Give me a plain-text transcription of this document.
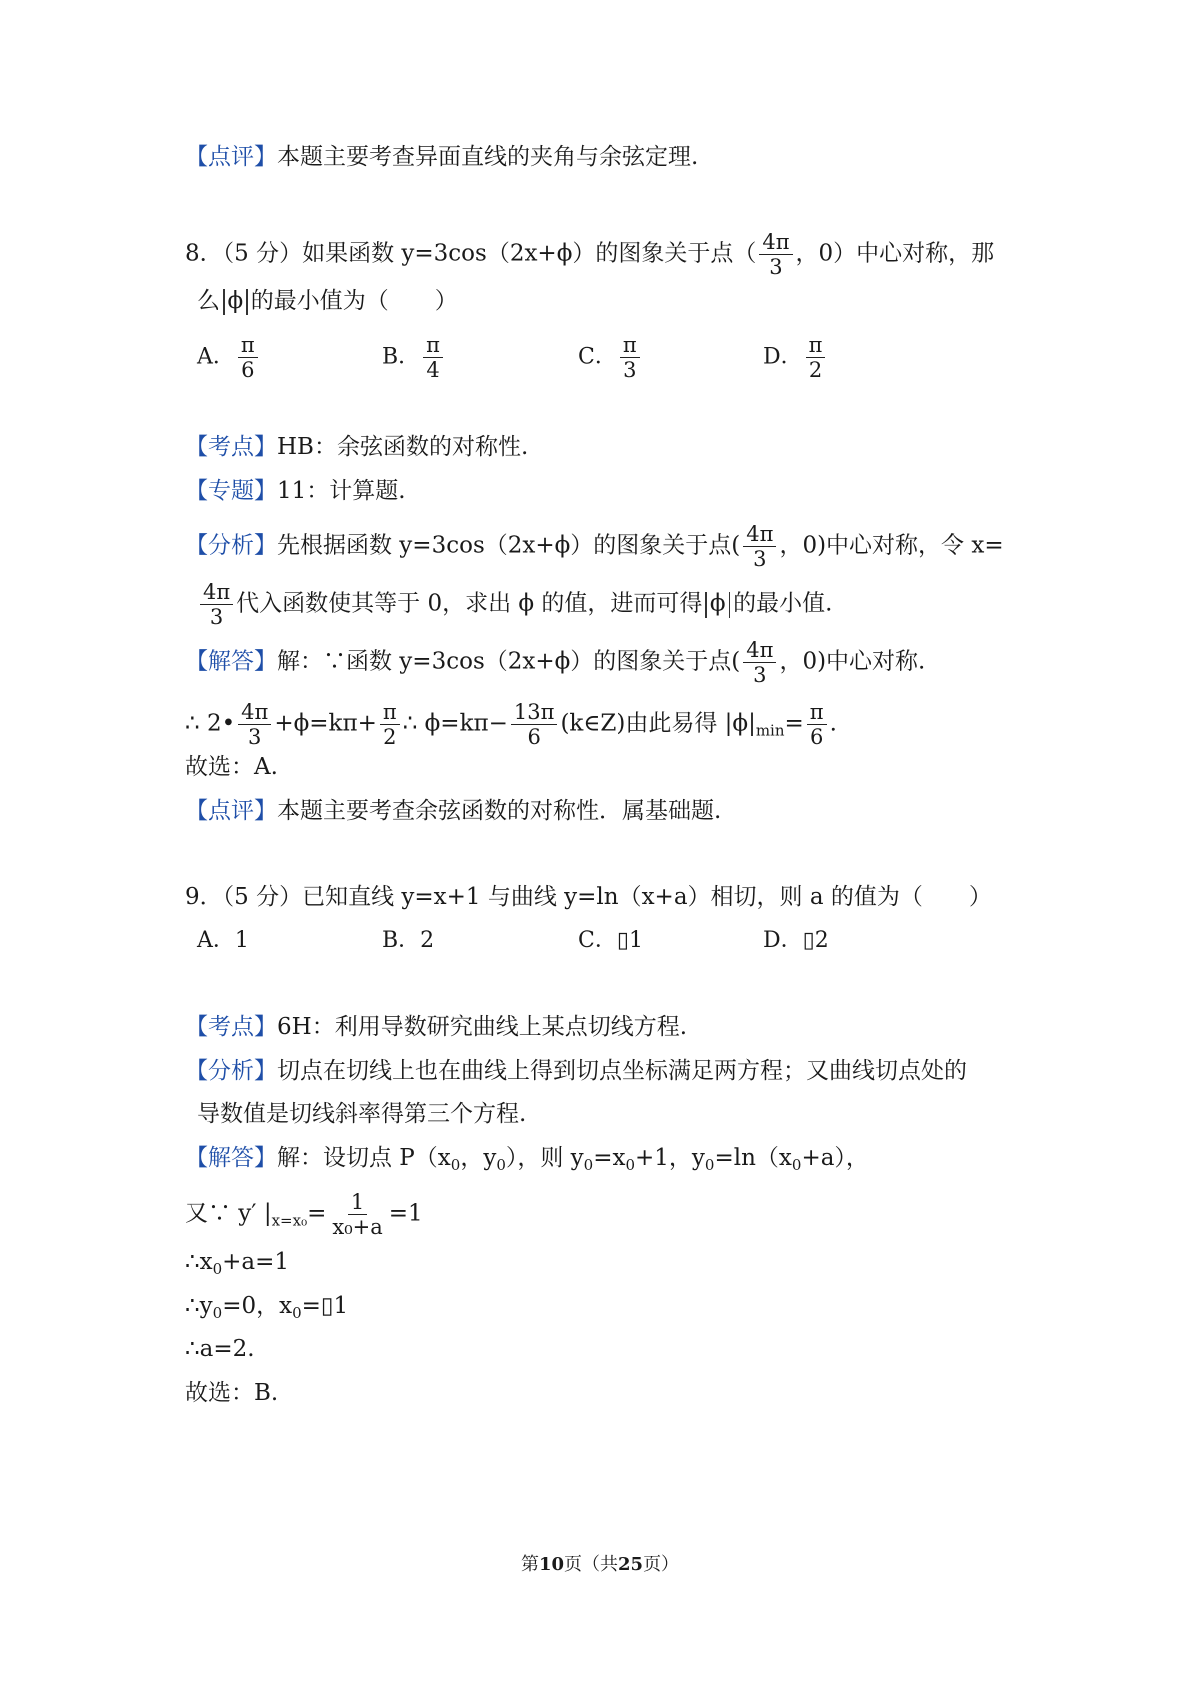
【点评】本题主要考查异面直线的夹角与余弦定理.
8．（5 分）如果函数 y=3cos（2x+ϕ）的图象关于点（ $\frac{4\pi}{3}$ ，0）中心对称，那
么 ϕ 的最小值为（　　）
A． $\frac{\pi}{6}$	B． $\frac{\pi}{4}$	C． $\frac{\pi}{3}$	D． $\frac{\pi}{2}$
【考点】HB：余弦函数的对称性.
【专题】11：计算题.
【分析】先根据函数 y=3cos（2x+ϕ）的图象关于点( $\frac{4\pi}{3}$ ，0)中心对称，令 x=
$\frac{4\pi}{3}$ 代入函数使其等于 0，求出 ϕ 的值，进而可得 ϕ 的最小值.
【解答】解：∵函数 y=3cos（2x+ϕ）的图象关于点( $\frac{4\pi}{3}$ ，0)中心对称.
∴ 2• $\frac{4\pi}{3} +\phi=k\pi+ \frac{\pi}{2}$ ∴ $\phi=k\pi- \frac{13\pi}{6}$ (k∈Z)由此易得 $|\phi|_{min}= \frac{\pi}{6}$ .
故选：A.
【点评】本题主要考查余弦函数的对称性．属基础题.
9．（5 分）已知直线 y=x+1 与曲线 y=ln（x+a）相切，则 a 的值为（　　）
A．1	B．2	C．▯1	D．▯2
【考点】6H：利用导数研究曲线上某点切线方程.
【分析】切点在切线上也在曲线上得到切点坐标满足两方程；又曲线切点处的
导数值是切线斜率得第三个方程.
【解答】解：设切点 $P(x_0$，$y_0$），则 $y_0=x_0+1$，$y_0=\ln(x_0+a)$，
又∵ y′ $|_{x=x_0}= \frac{1}{\text{x₀+a}} =1$
$\therefore x_0+a=1$
$\therefore y_0=0$，$x_0=▯1$
∴a=2.
故选：B.
第10页（共25页）
